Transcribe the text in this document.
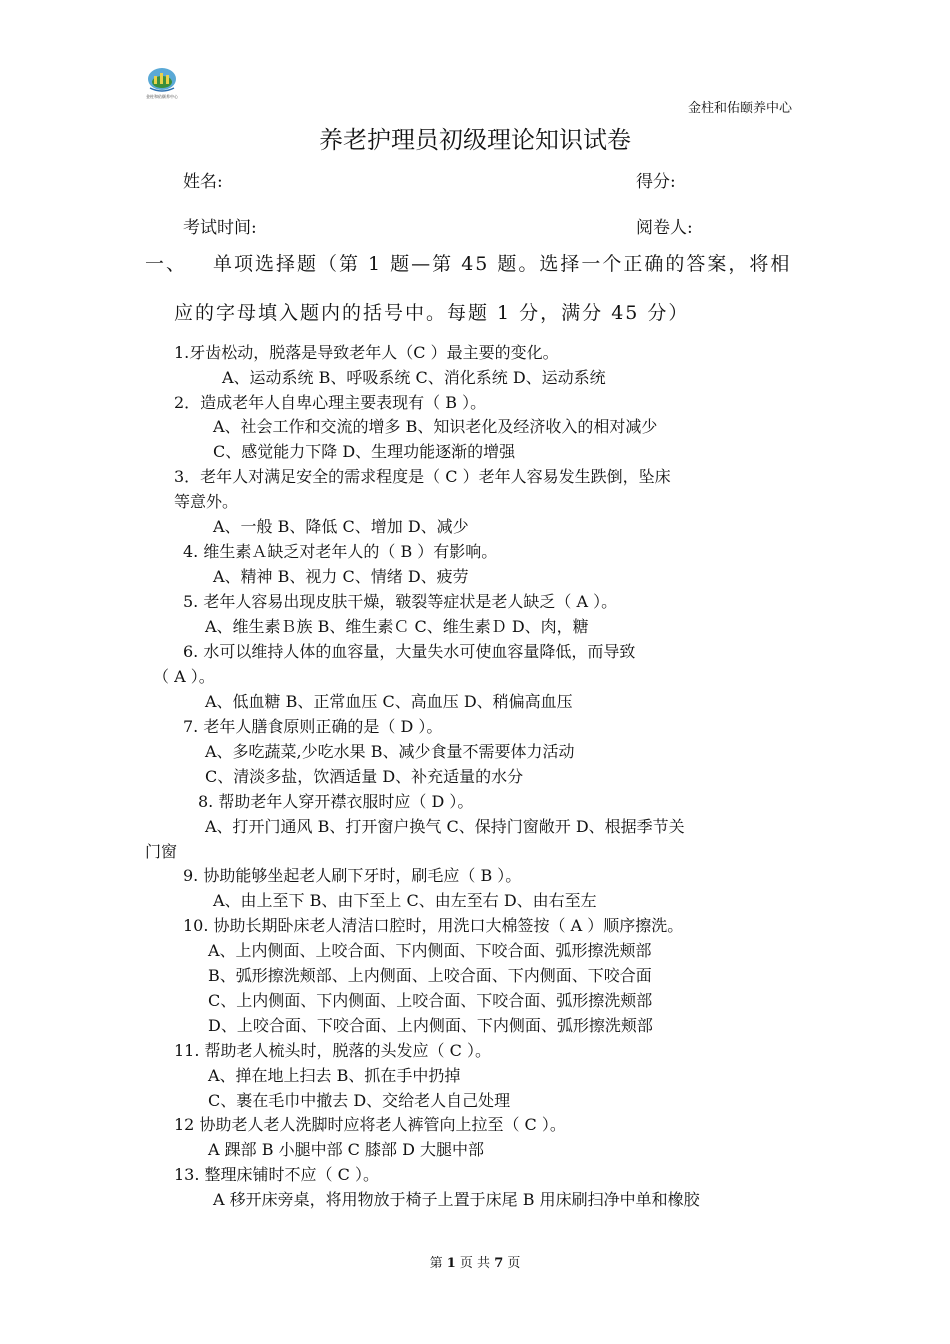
金柱和佑颐养中心
金柱和佑颐养中心
养老护理员初级理论知识试卷
姓名:	得分:
考试时间:	阅卷人:
一、 单项选择题（第 1 题—第 45 题。选择一个正确的答案，将相
应的字母填入题内的括号中。每题 1 分，满分 45 分）
1.牙齿松动，脱落是导致老年人（C ）最主要的变化。
A、运动系统 B、呼吸系统 C、消化系统 D、运动系统
2．造成老年人自卑心理主要表现有（ B ）。
A、社会工作和交流的增多 B、知识老化及经济收入的相对减少
C、感觉能力下降 D、生理功能逐渐的增强
3．老年人对满足安全的需求程度是（ C ）老年人容易发生跌倒，坠床
等意外。
A、一般 B、降低 C、增加 D、减少
4. 维生素Ａ缺乏对老年人的（ B ）有影响。
A、精神 B、视力 C、情绪 D、疲劳
5. 老年人容易出现皮肤干燥，皲裂等症状是老人缺乏（ A ）。
A、维生素Ｂ族 B、维生素Ｃ C、维生素Ｄ D、肉，糖
6. 水可以维持人体的血容量，大量失水可使血容量降低，而导致
（ A ）。
A、低血糖 B、正常血压 C、高血压 D、稍偏高血压
7. 老年人膳食原则正确的是（ D ）。
A、多吃蔬菜,少吃水果 B、减少食量不需要体力活动
C、清淡多盐，饮酒适量 D、补充适量的水分
8. 帮助老年人穿开襟衣服时应（ D ）。
A、打开门通风 B、打开窗户换气 C、保持门窗敞开 D、根据季节关
门窗
9. 协助能够坐起老人刷下牙时，刷毛应（ B ）。
A、由上至下 B、由下至上 C、由左至右 D、由右至左
10. 协助长期卧床老人清洁口腔时，用洗口大棉签按（ A ）顺序擦洗。
A、上内侧面、上咬合面、下内侧面、下咬合面、弧形擦洗颊部
B、弧形擦洗颊部、上内侧面、上咬合面、下内侧面、下咬合面
C、上内侧面、下内侧面、上咬合面、下咬合面、弧形擦洗颊部
D、上咬合面、下咬合面、上内侧面、下内侧面、弧形擦洗颊部
11. 帮助老人梳头时，脱落的头发应（ C ）。
A、掸在地上扫去 B、抓在手中扔掉
C、裹在毛巾中撤去 D、交给老人自己处理
12 协助老人老人洗脚时应将老人裤管向上拉至（ C ）。
A 踝部 B 小腿中部 C 膝部 D 大腿中部
13. 整理床铺时不应（ C ）。
A 移开床旁桌，将用物放于椅子上置于床尾 B 用床刷扫净中单和橡胶
第 1 页 共 7 页
